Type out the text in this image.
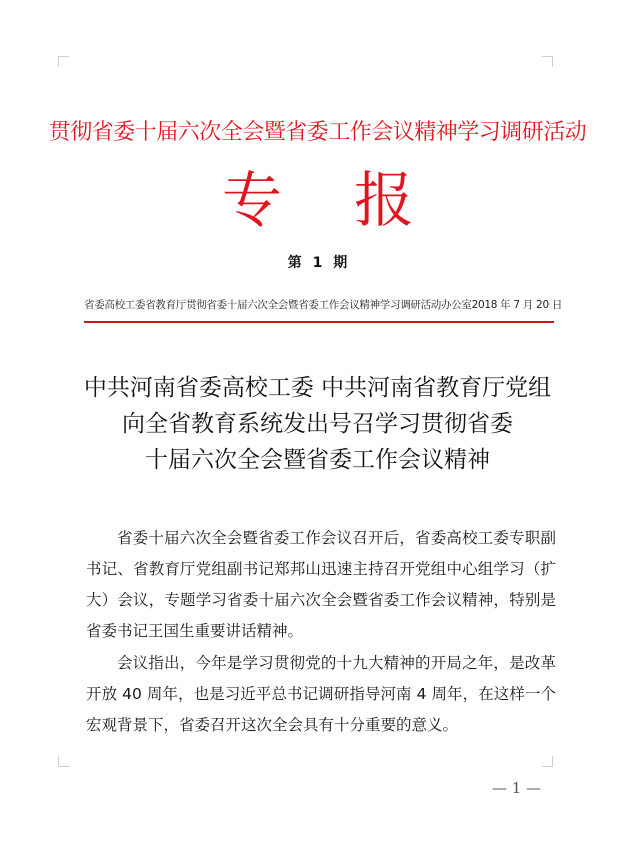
贯彻省委十届六次全会暨省委工作会议精神学习调研活动
专 报
第 1 期
省委高校工委省教育厅贯彻省委十届六次全会暨省委工作会议精神学习调研活动办公室 2018 年 7 月 20 日
中共河南省委高校工委 中共河南省教育厅党组
向全省教育系统发出号召学习贯彻省委
十届六次全会暨省委工作会议精神

省委十届六次全会暨省委工作会议召开后，省委高校工委专职副书记、省教育厅党组副书记郑邦山迅速主持召开党组中心组学习（扩大）会议，专题学习省委十届六次全会暨省委工作会议精神，特别是省委书记王国生重要讲话精神。

会议指出，今年是学习贯彻党的十九大精神的开局之年，是改革开放 40 周年，也是习近平总书记调研指导河南 4 周年，在这样一个宏观背景下，省委召开这次全会具有十分重要的意义。

— 1 —
